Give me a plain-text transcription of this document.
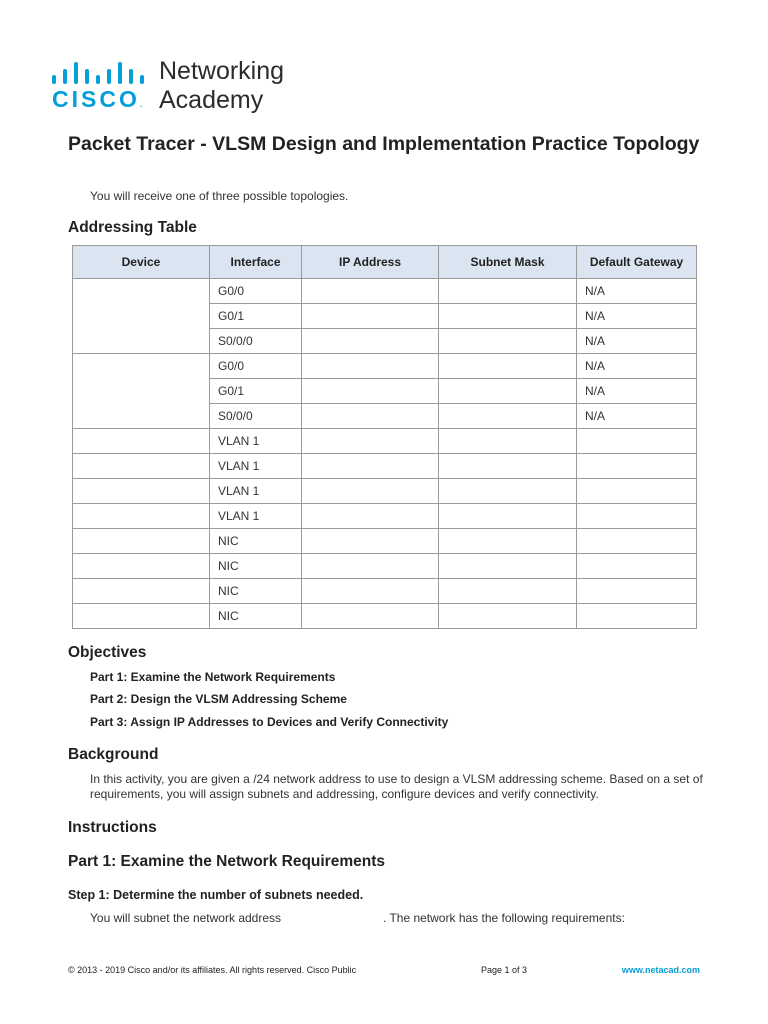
CISCO.
Networking
Academy
Packet Tracer - VLSM Design and Implementation Practice Topology
You will receive one of three possible topologies.
Addressing Table
Device	Interface	IP Address	Subnet Mask	Default Gateway
	G0/0			N/A
	G0/1			N/A
	S0/0/0			N/A
	G0/0			N/A
	G0/1			N/A
	S0/0/0			N/A
	VLAN 1			
	VLAN 1			
	VLAN 1			
	VLAN 1			
	NIC			
	NIC			
	NIC			
	NIC			
Objectives
Part 1: Examine the Network Requirements
Part 2: Design the VLSM Addressing Scheme
Part 3: Assign IP Addresses to Devices and Verify Connectivity
Background
In this activity, you are given a /24 network address to use to design a VLSM addressing scheme. Based on a set of requirements, you will assign subnets and addressing, configure devices and verify connectivity.
Instructions
Part 1: Examine the Network Requirements
Step 1: Determine the number of subnets needed.
You will subnet the network address	. The network has the following requirements:
© 2013 - 2019 Cisco and/or its affiliates. All rights reserved. Cisco Public	Page 1 of 3	www.netacad.com
